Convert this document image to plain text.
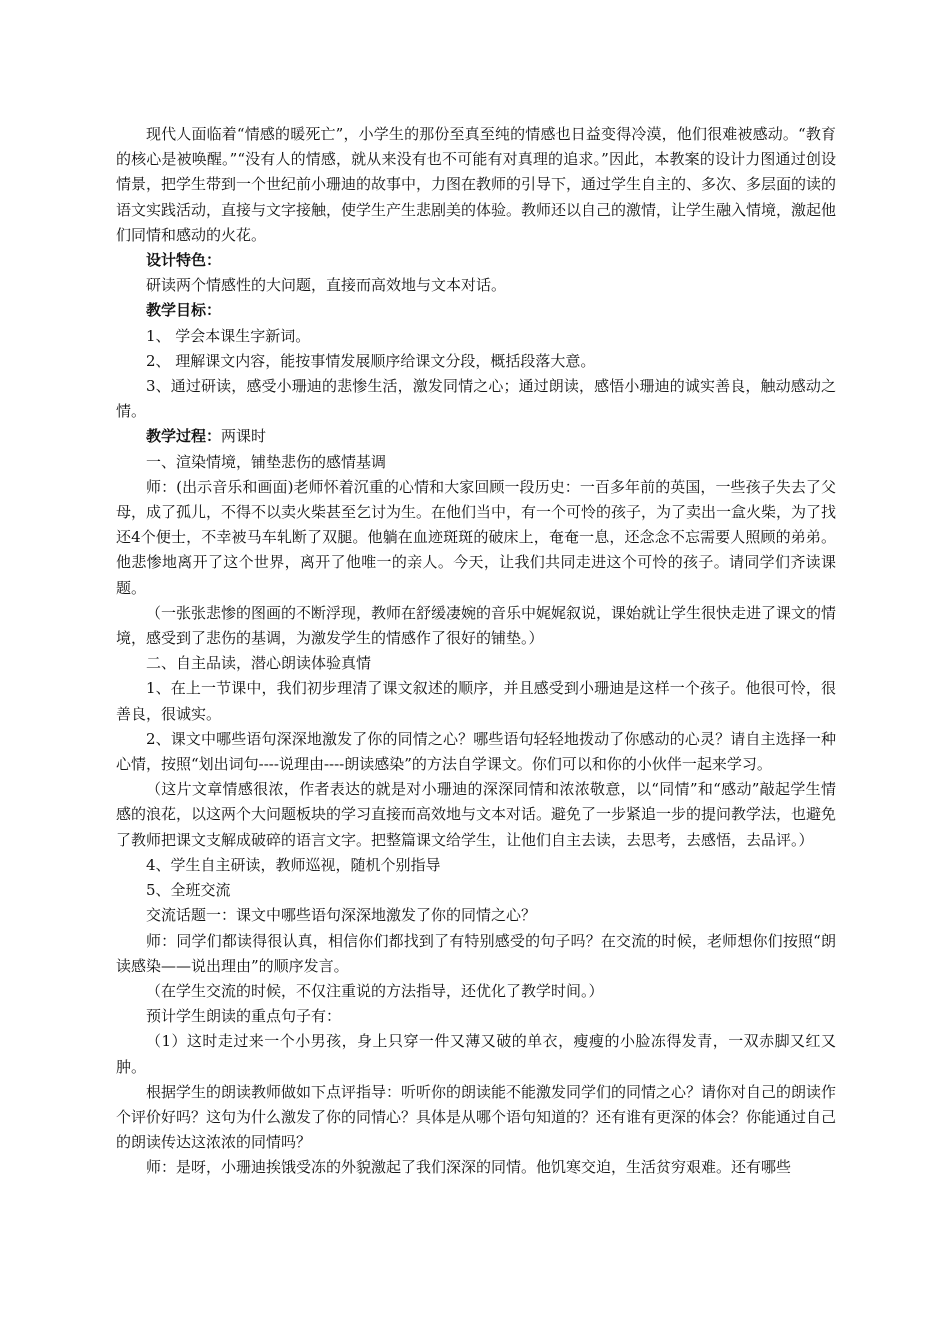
现代人面临着“情感的暖死亡”，小学生的那份至真至纯的情感也日益变得冷漠，他们很难被感动。“教育的核心是被唤醒。”“没有人的情感，就从来没有也不可能有对真理的追求。”因此，本教案的设计力图通过创设情景，把学生带到一个世纪前小珊迪的故事中，力图在教师的引导下，通过学生自主的、多次、多层面的读的语文实践活动，直接与文字接触，使学生产生悲剧美的体验。教师还以自己的激情，让学生融入情境，激起他们同情和感动的火花。

设计特色：

研读两个情感性的大问题，直接而高效地与文本对话。

教学目标：

1、 学会本课生字新词。

2、 理解课文内容，能按事情发展顺序给课文分段，概括段落大意。

3、通过研读，感受小珊迪的悲惨生活，激发同情之心；通过朗读，感悟小珊迪的诚实善良，触动感动之情。

教学过程：两课时

一、渲染情境，铺垫悲伤的感情基调

师：(出示音乐和画面)老师怀着沉重的心情和大家回顾一段历史：一百多年前的英国，一些孩子失去了父母，成了孤儿，不得不以卖火柴甚至乞讨为生。在他们当中，有一个可怜的孩子，为了卖出一盒火柴，为了找还4个便士，不幸被马车轧断了双腿。他躺在血迹斑斑的破床上，奄奄一息，还念念不忘需要人照顾的弟弟。他悲惨地离开了这个世界，离开了他唯一的亲人。今天，让我们共同走进这个可怜的孩子。请同学们齐读课题。

（一张张悲惨的图画的不断浮现，教师在舒缓凄婉的音乐中娓娓叙说，课始就让学生很快走进了课文的情境，感受到了悲伤的基调，为激发学生的情感作了很好的铺垫。）

二、自主品读，潜心朗读体验真情

1、在上一节课中，我们初步理清了课文叙述的顺序，并且感受到小珊迪是这样一个孩子。他很可怜，很善良，很诚实。

2、课文中哪些语句深深地激发了你的同情之心？哪些语句轻轻地拨动了你感动的心灵？请自主选择一种心情，按照“划出词句----说理由----朗读感染”的方法自学课文。你们可以和你的小伙伴一起来学习。

（这片文章情感很浓，作者表达的就是对小珊迪的深深同情和浓浓敬意，以“同情”和“感动”敲起学生情感的浪花，以这两个大问题板块的学习直接而高效地与文本对话。避免了一步紧追一步的提问教学法，也避免了教师把课文支解成破碎的语言文字。把整篇课文给学生，让他们自主去读，去思考，去感悟，去品评。）

4、学生自主研读，教师巡视，随机个别指导

5、全班交流

交流话题一：课文中哪些语句深深地激发了你的同情之心？

师：同学们都读得很认真，相信你们都找到了有特别感受的句子吗？在交流的时候，老师想你们按照“朗读感染——说出理由”的顺序发言。

（在学生交流的时候，不仅注重说的方法指导，还优化了教学时间。）

预计学生朗读的重点句子有：

（1）这时走过来一个小男孩，身上只穿一件又薄又破的单衣，瘦瘦的小脸冻得发青，一双赤脚又红又肿。

根据学生的朗读教师做如下点评指导：听听你的朗读能不能激发同学们的同情之心？请你对自己的朗读作个评价好吗？这句为什么激发了你的同情心？具体是从哪个语句知道的？还有谁有更深的体会？你能通过自己的朗读传达这浓浓的同情吗？

师：是呀，小珊迪挨饿受冻的外貌激起了我们深深的同情。他饥寒交迫，生活贫穷艰难。还有哪些
